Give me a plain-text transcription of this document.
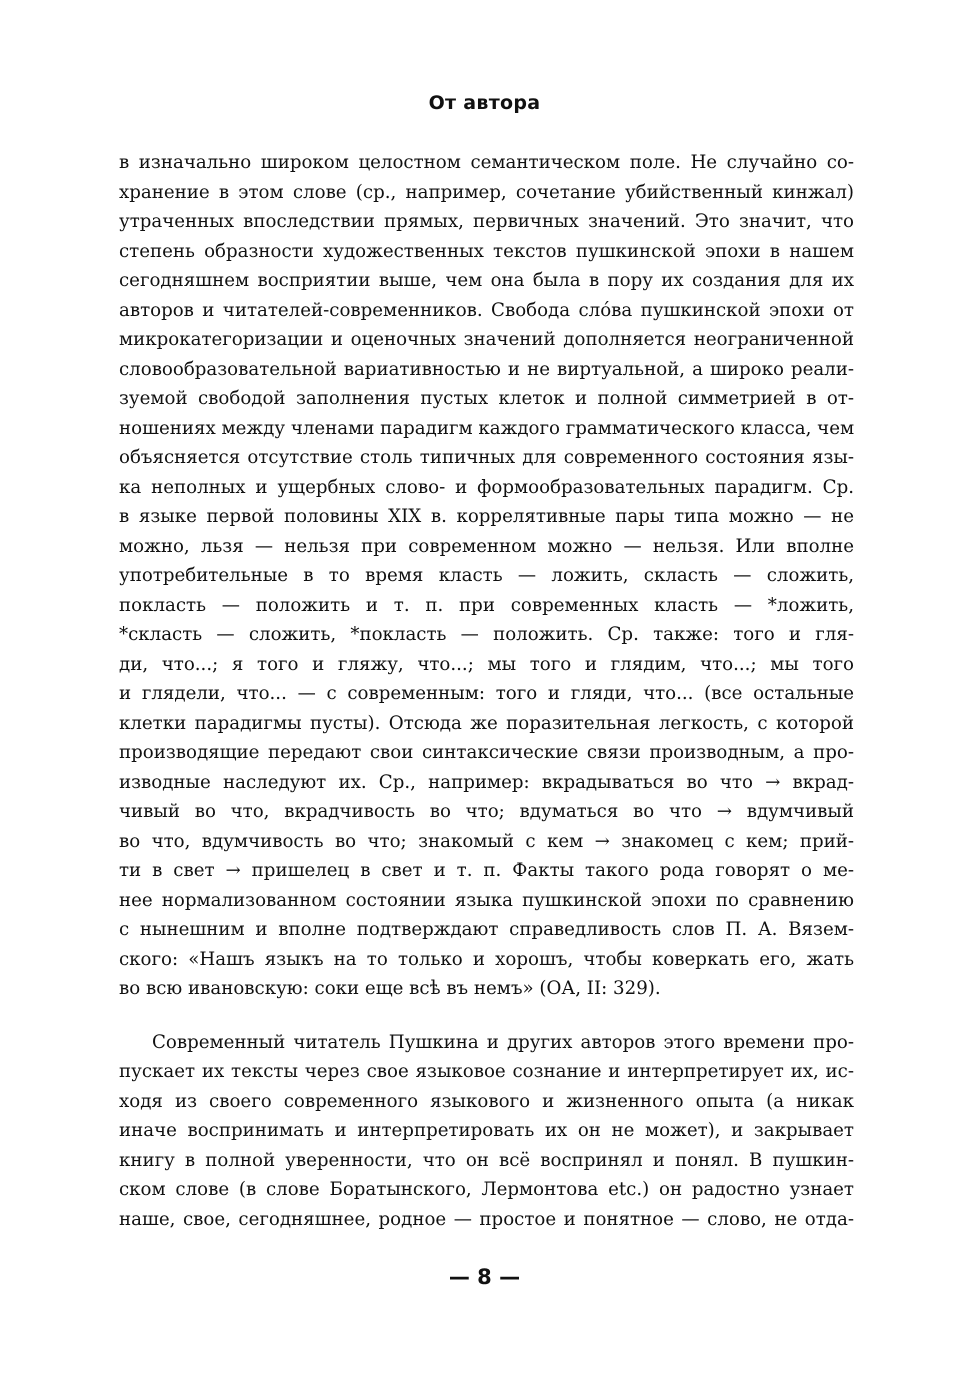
От автора
в изначально широком целостном семантическом поле. Не случайно со-
хранение в этом слове (ср., например, сочетание убийственный кинжал)
утраченных впоследствии прямых, первичных значений. Это значит, что
степень образности художественных текстов пушкинской эпохи в нашем
сегодняшнем восприятии выше, чем она была в пору их создания для их
авторов и читателей-современников. Свобода сло́ва пушкинской эпохи от
микрокатегоризации и оценочных значений дополняется неограниченной
словообразовательной вариативностью и не виртуальной, а широко реали-
зуемой свободой заполнения пустых клеток и полной симметрией в от-
ношениях между членами парадигм каждого грамматического класса, чем
объясняется отсутствие столь типичных для современного состояния язы-
ка неполных и ущербных слово- и формообразовательных парадигм. Ср.
в языке первой половины XIX в. коррелятивные пары типа можно — не
можно, льзя — нельзя при современном можно — нельзя. Или вполне
употребительные в то время класть — ложить, скласть — сложить,
покласть — положить и т. п. при современных класть — *ложить,
*скласть — сложить, *покласть — положить. Ср. также: того и гля-
ди, что...; я того и гляжу, что...; мы того и глядим, что...; мы того
и глядели, что... — с современным: того и гляди, что... (все остальные
клетки парадигмы пусты). Отсюда же поразительная легкость, с которой
производящие передают свои синтаксические связи производным, а про-
изводные наследуют их. Ср., например: вкрадываться во что → вкрад-
чивый во что, вкрадчивость во что; вдуматься во что → вдумчивый
во что, вдумчивость во что; знакомый с кем → знакомец с кем; прий-
ти в свет → пришелец в свет и т. п. Факты такого рода говорят о ме-
нее нормализованном состоянии языка пушкинской эпохи по сравнению
с нынешним и вполне подтверждают справедливость слов П. А. Вязем-
ского: «Нашъ языкъ на то только и хорошъ, чтобы коверкать его, жать
во всю ивановскую: соки еще всѣ въ немъ» (ОА, II: 329).
Современный читатель Пушкина и других авторов этого времени про-
пускает их тексты через свое языковое сознание и интерпретирует их, ис-
ходя из своего современного языкового и жизненного опыта (а никак
иначе воспринимать и интерпретировать их он не может), и закрывает
книгу в полной уверенности, что он всё воспринял и понял. В пушкин-
ском слове (в слове Боратынского, Лермонтова etc.) он радостно узнает
наше, свое, сегодняшнее, родное — простое и понятное — слово, не отда-
— 8 —
